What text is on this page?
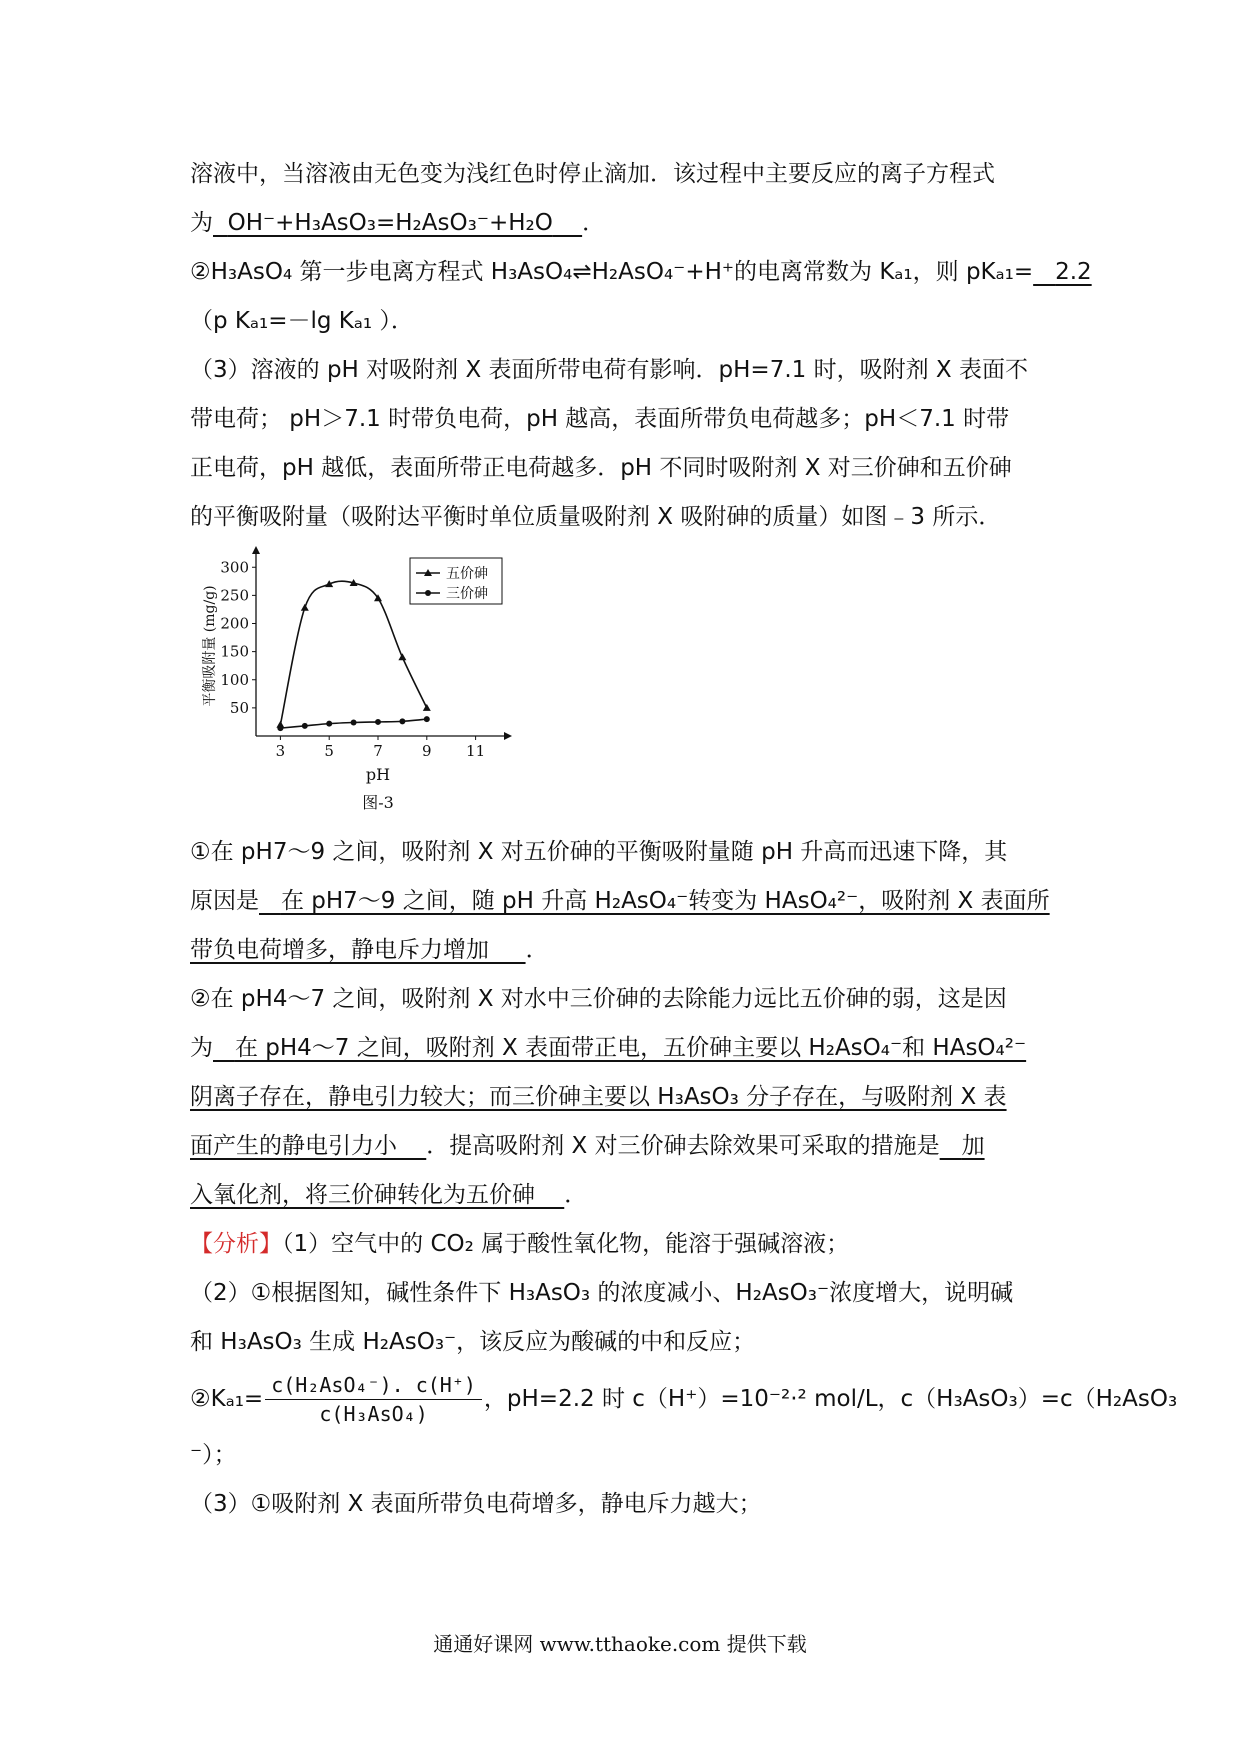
溶液中，当溶液由无色变为浅红色时停止滴加．该过程中主要反应的离子方程式

为 OH⁻+H₃AsO₃=H₂AsO₃⁻+H₂O ．

②H₃AsO₄ 第一步电离方程式 H₃AsO₄⇌H₂AsO₄⁻+H⁺的电离常数为 Kₐ₁，则 pKₐ₁= 2.2

（p Kₐ₁=－lg Kₐ₁ ）．

（3）溶液的 pH 对吸附剂 X 表面所带电荷有影响．pH=7.1 时，吸附剂 X 表面不

带电荷； pH＞7.1 时带负电荷，pH 越高，表面所带负电荷越多；pH＜7.1 时带

正电荷，pH 越低，表面所带正电荷越多．pH 不同时吸附剂 X 对三价砷和五价砷

的平衡吸附量（吸附达平衡时单位质量吸附剂 X 吸附砷的质量）如图﹣3 所示．

50
100
150
200
250
300
3	5	7	9 11
pH
图-3
平衡吸附量 (mg/g)
五价砷
三价砷

①在 pH7～9 之间，吸附剂 X 对五价砷的平衡吸附量随 pH 升高而迅速下降，其

原因是 在 pH7～9 之间，随 pH 升高 H₂AsO₄⁻转变为 HAsO₄²⁻，吸附剂 X 表面所

带负电荷增多，静电斥力增加 ．

②在 pH4～7 之间，吸附剂 X 对水中三价砷的去除能力远比五价砷的弱，这是因

为 在 pH4～7 之间，吸附剂 X 表面带正电，五价砷主要以 H₂AsO₄⁻和 HAsO₄²⁻

阴离子存在，静电引力较大；而三价砷主要以 H₃AsO₃ 分子存在，与吸附剂 X 表

面产生的静电引力小 ．提高吸附剂 X 对三价砷去除效果可采取的措施是 加

入氧化剂，将三价砷转化为五价砷 ．

【分析】（1）空气中的 CO₂ 属于酸性氧化物，能溶于强碱溶液；

（2）①根据图知，碱性条件下 H₃AsO₃ 的浓度减小、H₂AsO₃⁻浓度增大，说明碱

和 H₃AsO₃ 生成 H₂AsO₃⁻，该反应为酸碱的中和反应；

②Kₐ₁= $\frac{\text{c(H₂AsO₄⁻). c(H⁺)}}{\text{c(H₃AsO₄)}}$ ，pH=2.2 时 c（H⁺）=10⁻²·² mol/L，c（H₃AsO₃）=c（H₂AsO₃

⁻）；

（3）①吸附剂 X 表面所带负电荷增多，静电斥力越大；

通通好课网 www.tthaoke.com 提供下载
